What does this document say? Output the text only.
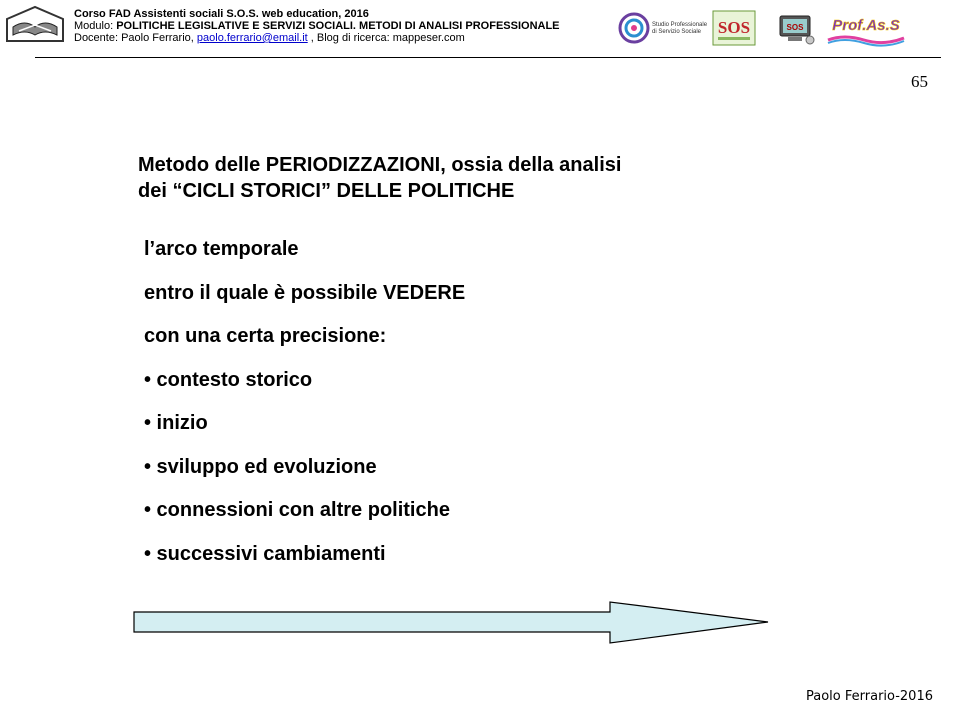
Corso FAD Assistenti sociali S.O.S. web education, 2016
Modulo: POLITICHE LEGISLATIVE E SERVIZI SOCIALI. METODI DI ANALISI PROFESSIONALE
Docente: Paolo Ferrario, paolo.ferrario@email.it , Blog di ricerca: mappeser.com
Studio Professionale
di Servizio Sociale SOS	SOS Prof.As.S
65
Metodo delle PERIODIZZAZIONI, ossia della analisi
dei “CICLI STORICI” DELLE POLITICHE
l’arco temporale
entro il quale è possibile VEDERE
con una certa precisione:
• contesto storico
• inizio
• sviluppo ed evoluzione
• connessioni con altre politiche
• successivi cambiamenti
Paolo Ferrario-2016
